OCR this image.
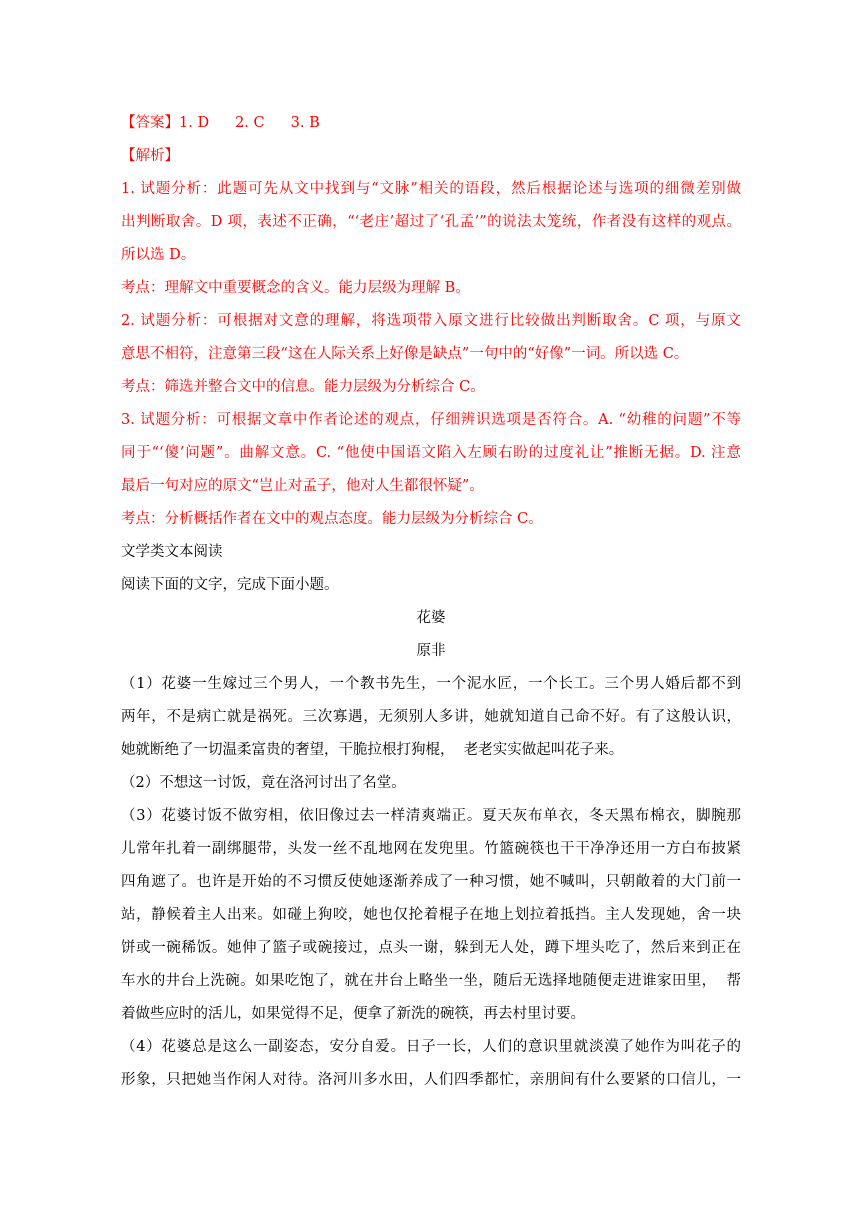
【答案】1. D 2. C 3. B

【解析】

1. 试题分析：此题可先从文中找到与“文脉”相关的语段，然后根据论述与选项的细微差别做

出判断取舍。D 项，表述不正确，“‘老庄’超过了‘孔孟’”的说法太笼统，作者没有这样的观点。

所以选 D。

考点：理解文中重要概念的含义。能力层级为理解 B。

2. 试题分析：可根据对文意的理解，将选项带入原文进行比较做出判断取舍。C 项，与原文

意思不相符，注意第三段“这在人际关系上好像是缺点”一句中的“好像”一词。所以选 C。

考点：筛选并整合文中的信息。能力层级为分析综合 C。

3. 试题分析：可根据文章中作者论述的观点，仔细辨识选项是否符合。A. “幼稚的问题”不等

同于“‘傻’问题”。曲解文意。C. “他使中国语文陷入左顾右盼的过度礼让”推断无据。D. 注意

最后一句对应的原文“岂止对孟子，他对人生都很怀疑”。

考点：分析概括作者在文中的观点态度。能力层级为分析综合 C。

文学类文本阅读

阅读下面的文字，完成下面小题。

花婆

原非

（1）花婆一生嫁过三个男人，一个教书先生，一个泥水匠，一个长工。三个男人婚后都不到

两年，不是病亡就是祸死。三次寡遇，无须别人多讲，她就知道自己命不好。有了这般认识，

她就断绝了一切温柔富贵的奢望，干脆拉根打狗棍，  老老实实做起叫花子来。

（2）不想这一讨饭，竟在洛河讨出了名堂。

（3）花婆讨饭不做穷相，依旧像过去一样清爽端正。夏天灰布单衣，冬天黑布棉衣，脚腕那

儿常年扎着一副绑腿带，头发一丝不乱地网在发兜里。竹篮碗筷也干干净净还用一方白布披紧

四角遮了。也许是开始的不习惯反使她逐渐养成了一种习惯，她不喊叫，只朝敞着的大门前一

站，静候着主人出来。如碰上狗咬，她也仅抡着棍子在地上划拉着抵挡。主人发现她，舍一块

饼或一碗稀饭。她伸了篮子或碗接过，点头一谢，躲到无人处，蹲下埋头吃了，然后来到正在

车水的井台上洗碗。如果吃饱了，就在井台上略坐一坐，随后无选择地随便走进谁家田里，  帮

着做些应时的活儿，如果觉得不足，便拿了新洗的碗筷，再去村里讨要。

（4）花婆总是这么一副姿态，安分自爱。日子一长，人们的意识里就淡漠了她作为叫花子的

形象，只把她当作闲人对待。洛河川多水田，人们四季都忙，亲朋间有什么要紧的口信儿，一
